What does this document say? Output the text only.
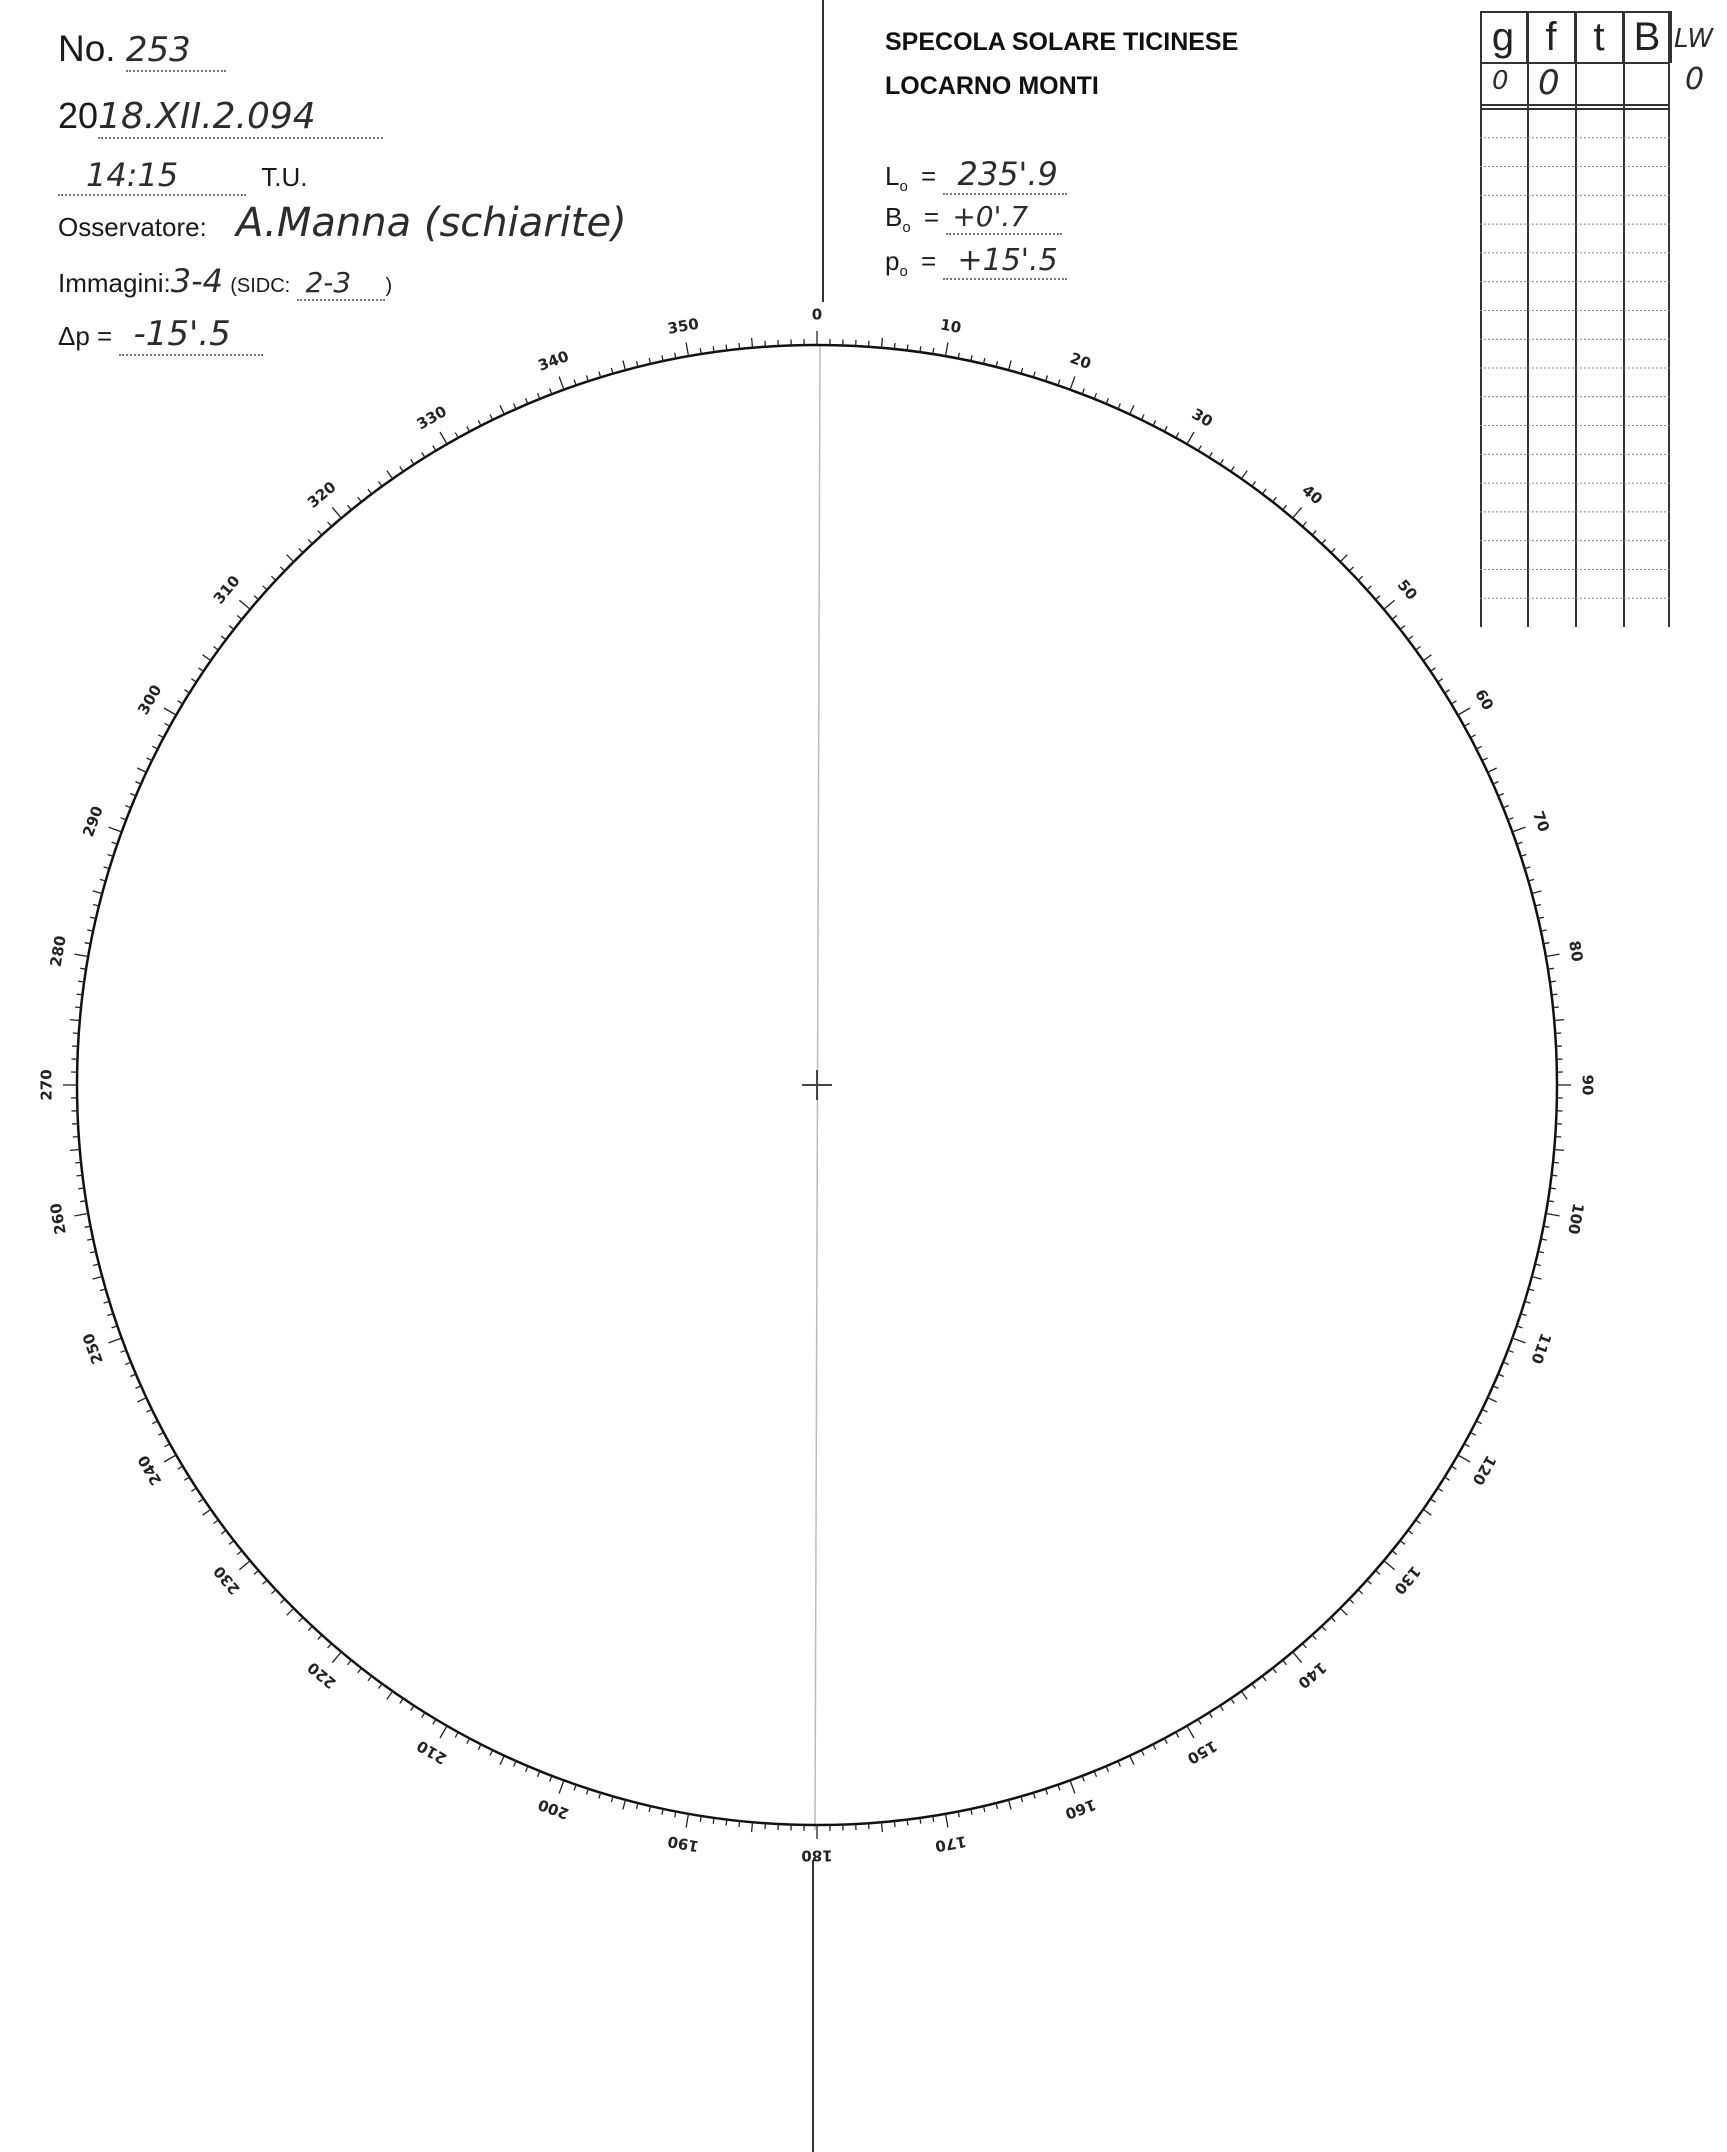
No. 253
2018.XII.2.094
14:15	T.U.
Osservatore: A.Manna (schiarite)
Immagini:3-4 (SIDC: 2-3 )
Δp = -15'.5
SPECOLA SOLARE TICINESE
LOCARNO MONTI
$L_o = 235'.9$
$B_o = +0'.7$
$p_o = +15'.5$
g f t B
0 0
LW
0
0
10
20
30
40
50
60
70
80
90
100
110
120
130
140
150
160
170
180
190
200
210
220
230
240
250
260
270
280
290
300
310
320
330
340
350
